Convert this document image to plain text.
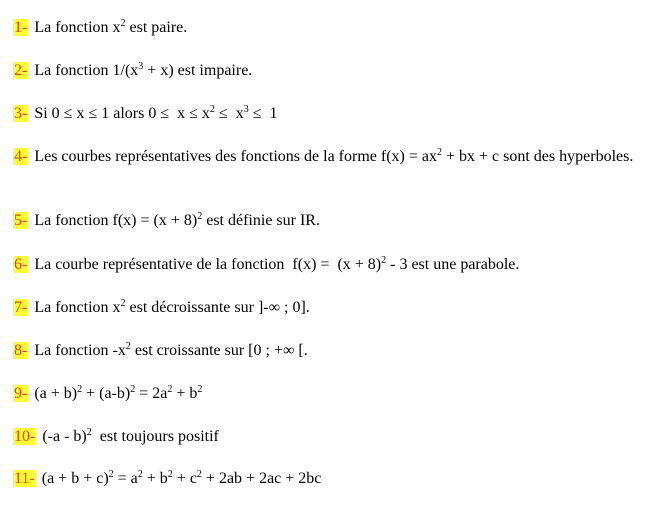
1- La fonction $x^2$ est paire.
2- La fonction $1/(x^3 + x)$ est impaire.
3- Si 0 ≤ x ≤ 1 alors $0 \le x \le x^2 \le x^3 \le 1$
4- Les courbes représentatives des fonctions de la forme $f(x) = ax^2$ + bx + c sont des hyperboles.
5- La fonction $f(x) = (x + 8)^2$ est définie sur IR.
6- La courbe représentative de la fonction  $f(x) = (x + 8)^2 - 3$ est une parabole.
7- La fonction $x^2$ est décroissante sur ]-∞ ; 0].
8- La fonction $-x^2$ est croissante sur [0 ; +∞ [.
9- $(a + b)^2 + (a-b)^2 = 2a^2 + b^2$
10- (-a - b)$^2$  est toujours positif
11- $(a + b + c)^2 = a^2 + b^2 + c^2 + 2ab + 2ac + 2bc$
